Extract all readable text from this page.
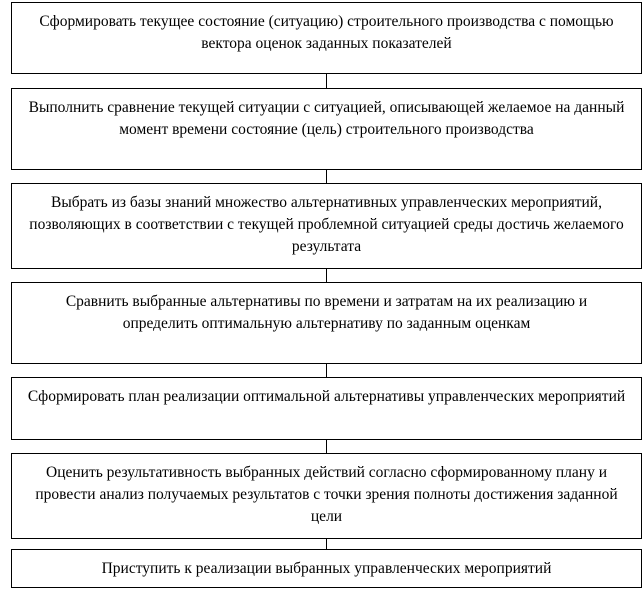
Сформировать текущее состояние (ситуацию) строительного производства с помощью вектора оценок заданных показателей
Выполнить сравнение текущей ситуации с ситуацией, описывающей желаемое на данный момент времени состояние (цель) строительного производства
Выбрать из базы знаний множество альтернативных управленческих мероприятий, позволяющих в соответствии с текущей проблемной ситуацией среды достичь желаемого результата
Сравнить выбранные альтернативы по времени и затратам на их реализацию и определить оптимальную альтернативу по заданным оценкам
Сформировать план реализации оптимальной альтернативы управленческих мероприятий
Оценить результативность выбранных действий согласно сформированному плану и провести анализ получаемых результатов с точки зрения полноты достижения заданной цели
Приступить к реализации выбранных управленческих мероприятий
